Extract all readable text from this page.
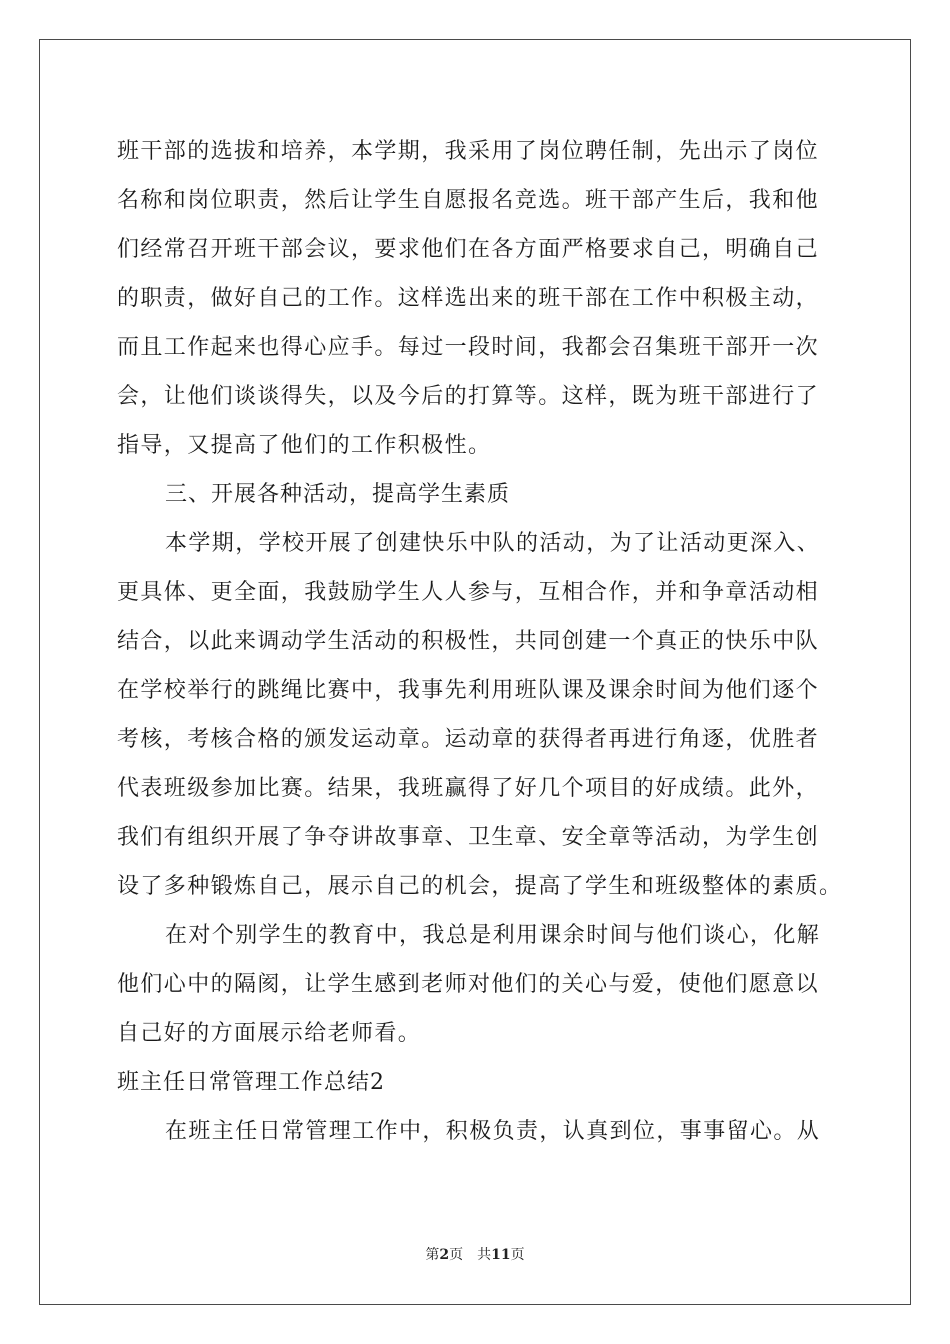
班干部的选拔和培养，本学期，我采用了岗位聘任制，先出示了岗位
名称和岗位职责，然后让学生自愿报名竞选。班干部产生后，我和他
们经常召开班干部会议，要求他们在各方面严格要求自己，明确自己
的职责，做好自己的工作。这样选出来的班干部在工作中积极主动，
而且工作起来也得心应手。每过一段时间，我都会召集班干部开一次
会，让他们谈谈得失，以及今后的打算等。这样，既为班干部进行了
指导，又提高了他们的工作积极性。
三、开展各种活动，提高学生素质
本学期，学校开展了创建快乐中队的活动，为了让活动更深入、
更具体、更全面，我鼓励学生人人参与，互相合作，并和争章活动相
结合，以此来调动学生活动的积极性，共同创建一个真正的快乐中队
在学校举行的跳绳比赛中，我事先利用班队课及课余时间为他们逐个
考核，考核合格的颁发运动章。运动章的获得者再进行角逐，优胜者
代表班级参加比赛。结果，我班赢得了好几个项目的好成绩。此外，
我们有组织开展了争夺讲故事章、卫生章、安全章等活动，为学生创
设了多种锻炼自己，展示自己的机会，提高了学生和班级整体的素质。
在对个别学生的教育中，我总是利用课余时间与他们谈心，化解
他们心中的隔阂，让学生感到老师对他们的关心与爱，使他们愿意以
自己好的方面展示给老师看。
班主任日常管理工作总结2
在班主任日常管理工作中，积极负责，认真到位，事事留心。从
第2页 共11页
